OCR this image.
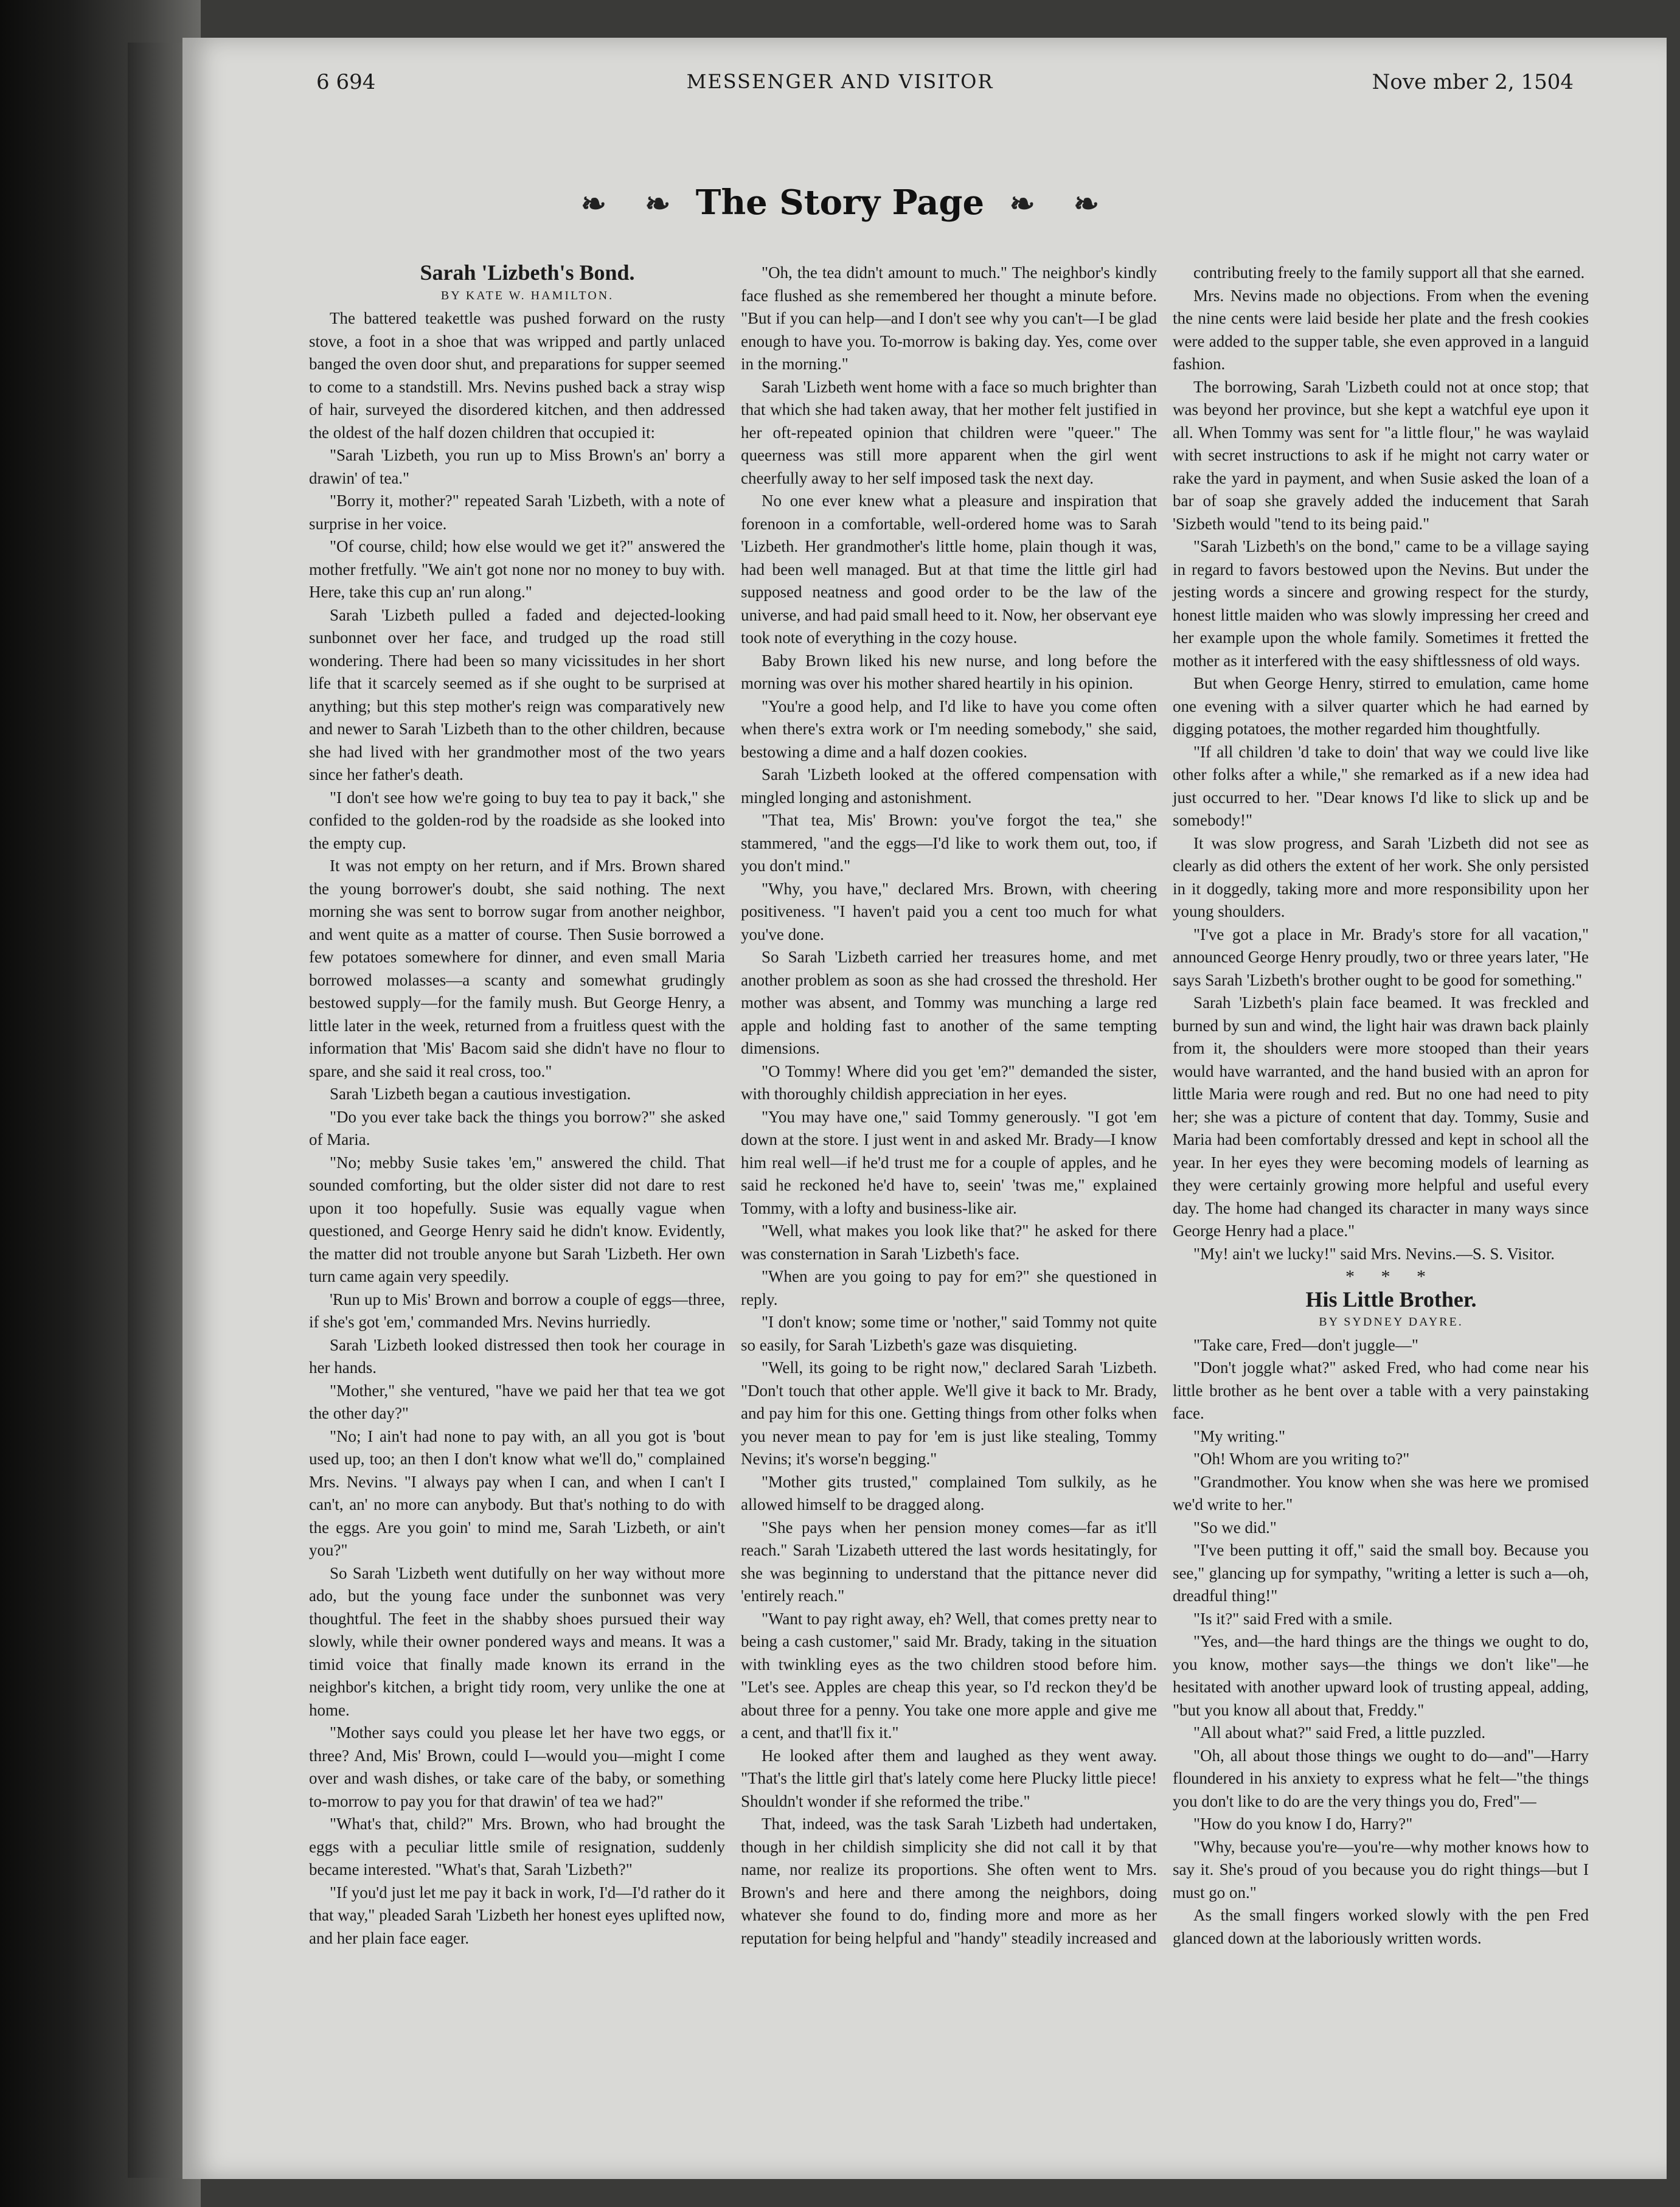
6 694	MESSENGER AND VISITOR	Nove mber 2, 1504
❧ ❧ The Story Page ❧ ❧

Sarah 'Lizbeth's Bond.

BY KATE W. HAMILTON.

The battered teakettle was pushed forward on the rusty stove, a foot in a shoe that was wripped and partly unlaced banged the oven door shut, and preparations for supper seemed to come to a standstill. Mrs. Nevins pushed back a stray wisp of hair, surveyed the disordered kitchen, and then addressed the oldest of the half dozen children that occupied it:

"Sarah 'Lizbeth, you run up to Miss Brown's an' borry a drawin' of tea."

"Borry it, mother?" repeated Sarah 'Lizbeth, with a note of surprise in her voice.

"Of course, child; how else would we get it?" answered the mother fretfully. "We ain't got none nor no money to buy with. Here, take this cup an' run along."

Sarah 'Lizbeth pulled a faded and dejected-looking sunbonnet over her face, and trudged up the road still wondering. There had been so many vicissitudes in her short life that it scarcely seemed as if she ought to be surprised at anything; but this step mother's reign was comparatively new and newer to Sarah 'Lizbeth than to the other children, because she had lived with her grandmother most of the two years since her father's death.

"I don't see how we're going to buy tea to pay it back," she confided to the golden-rod by the roadside as she looked into the empty cup.

It was not empty on her return, and if Mrs. Brown shared the young borrower's doubt, she said nothing. The next morning she was sent to borrow sugar from another neighbor, and went quite as a matter of course. Then Susie borrowed a few potatoes somewhere for dinner, and even small Maria borrowed molasses—a scanty and somewhat grudingly bestowed supply—for the family mush. But George Henry, a little later in the week, returned from a fruitless quest with the information that 'Mis' Bacom said she didn't have no flour to spare, and she said it real cross, too."

Sarah 'Lizbeth began a cautious investigation.

"Do you ever take back the things you borrow?" she asked of Maria.

"No; mebby Susie takes 'em," answered the child. That sounded comforting, but the older sister did not dare to rest upon it too hopefully. Susie was equally vague when questioned, and George Henry said he didn't know. Evidently, the matter did not trouble anyone but Sarah 'Lizbeth. Her own turn came again very speedily.

'Run up to Mis' Brown and borrow a couple of eggs—three, if she's got 'em,' commanded Mrs. Nevins hurriedly.

Sarah 'Lizbeth looked distressed then took her courage in her hands.

"Mother," she ventured, "have we paid her that tea we got the other day?"

"No; I ain't had none to pay with, an all you got is 'bout used up, too; an then I don't know what we'll do," complained Mrs. Nevins. "I always pay when I can, and when I can't I can't, an' no more can anybody. But that's nothing to do with the eggs. Are you goin' to mind me, Sarah 'Lizbeth, or ain't you?"

So Sarah 'Lizbeth went dutifully on her way without more ado, but the young face under the sunbonnet was very thoughtful. The feet in the shabby shoes pursued their way slowly, while their owner pondered ways and means. It was a timid voice that finally made known its errand in the neighbor's kitchen, a bright tidy room, very unlike the one at home.

"Mother says could you please let her have two eggs, or three? And, Mis' Brown, could I—would you—might I come over and wash dishes, or take care of the baby, or something to-morrow to pay you for that drawin' of tea we had?"

"What's that, child?" Mrs. Brown, who had brought the eggs with a peculiar little smile of resignation, suddenly became interested. "What's that, Sarah 'Lizbeth?"

"If you'd just let me pay it back in work, I'd—I'd rather do it that way," pleaded Sarah 'Lizbeth her honest eyes uplifted now, and her plain face eager.

"Oh, the tea didn't amount to much." The neighbor's kindly face flushed as she remembered her thought a minute before. "But if you can help—and I don't see why you can't—I be glad enough to have you. To-morrow is baking day. Yes, come over in the morning."

Sarah 'Lizbeth went home with a face so much brighter than that which she had taken away, that her mother felt justified in her oft-repeated opinion that children were "queer." The queerness was still more apparent when the girl went cheerfully away to her self imposed task the next day.

No one ever knew what a pleasure and inspiration that forenoon in a comfortable, well-ordered home was to Sarah 'Lizbeth. Her grandmother's little home, plain though it was, had been well managed. But at that time the little girl had supposed neatness and good order to be the law of the universe, and had paid small heed to it. Now, her observant eye took note of everything in the cozy house.

Baby Brown liked his new nurse, and long before the morning was over his mother shared heartily in his opinion.

"You're a good help, and I'd like to have you come often when there's extra work or I'm needing somebody," she said, bestowing a dime and a half dozen cookies.

Sarah 'Lizbeth looked at the offered compensation with mingled longing and astonishment.

"That tea, Mis' Brown: you've forgot the tea," she stammered, "and the eggs—I'd like to work them out, too, if you don't mind."

"Why, you have," declared Mrs. Brown, with cheering positiveness. "I haven't paid you a cent too much for what you've done.

So Sarah 'Lizbeth carried her treasures home, and met another problem as soon as she had crossed the threshold. Her mother was absent, and Tommy was munching a large red apple and holding fast to another of the same tempting dimensions.

"O Tommy! Where did you get 'em?" demanded the sister, with thoroughly childish appreciation in her eyes.

"You may have one," said Tommy generously. "I got 'em down at the store. I just went in and asked Mr. Brady—I know him real well—if he'd trust me for a couple of apples, and he said he reckoned he'd have to, seein' 'twas me," explained Tommy, with a lofty and business-like air.

"Well, what makes you look like that?" he asked for there was consternation in Sarah 'Lizbeth's face.

"When are you going to pay for em?" she questioned in reply.

"I don't know; some time or 'nother," said Tommy not quite so easily, for Sarah 'Lizbeth's gaze was disquieting.

"Well, its going to be right now," declared Sarah 'Lizbeth. "Don't touch that other apple. We'll give it back to Mr. Brady, and pay him for this one. Getting things from other folks when you never mean to pay for 'em is just like stealing, Tommy Nevins; it's worse'n begging."

"Mother gits trusted," complained Tom sulkily, as he allowed himself to be dragged along.

"She pays when her pension money comes—far as it'll reach." Sarah 'Lizabeth uttered the last words hesitatingly, for she was beginning to understand that the pittance never did 'entirely reach."

"Want to pay right away, eh? Well, that comes pretty near to being a cash customer," said Mr. Brady, taking in the situation with twinkling eyes as the two children stood before him. "Let's see. Apples are cheap this year, so I'd reckon they'd be about three for a penny. You take one more apple and give me a cent, and that'll fix it."

He looked after them and laughed as they went away. "That's the little girl that's lately come here Plucky little piece! Shouldn't wonder if she reformed the tribe."

That, indeed, was the task Sarah 'Lizbeth had undertaken, though in her childish simplicity she did not call it by that name, nor realize its proportions. She often went to Mrs. Brown's and here and there among the neighbors, doing whatever she found to do, finding more and more as her reputation for being helpful and "handy" steadily increased and

contributing freely to the family support all that she earned.

Mrs. Nevins made no objections. From when the evening the nine cents were laid beside her plate and the fresh cookies were added to the supper table, she even approved in a languid fashion.

The borrowing, Sarah 'Lizbeth could not at once stop; that was beyond her province, but she kept a watchful eye upon it all. When Tommy was sent for "a little flour," he was waylaid with secret instructions to ask if he might not carry water or rake the yard in payment, and when Susie asked the loan of a bar of soap she gravely added the inducement that Sarah 'Sizbeth would "tend to its being paid."

"Sarah 'Lizbeth's on the bond," came to be a village saying in regard to favors bestowed upon the Nevins. But under the jesting words a sincere and growing respect for the sturdy, honest little maiden who was slowly impressing her creed and her example upon the whole family. Sometimes it fretted the mother as it interfered with the easy shiftlessness of old ways.

But when George Henry, stirred to emulation, came home one evening with a silver quarter which he had earned by digging potatoes, the mother regarded him thoughtfully.

"If all children 'd take to doin' that way we could live like other folks after a while," she remarked as if a new idea had just occurred to her. "Dear knows I'd like to slick up and be somebody!"

It was slow progress, and Sarah 'Lizbeth did not see as clearly as did others the extent of her work. She only persisted in it doggedly, taking more and more responsibility upon her young shoulders.

"I've got a place in Mr. Brady's store for all vacation," announced George Henry proudly, two or three years later, "He says Sarah 'Lizbeth's brother ought to be good for something."

Sarah 'Lizbeth's plain face beamed. It was freckled and burned by sun and wind, the light hair was drawn back plainly from it, the shoulders were more stooped than their years would have warranted, and the hand busied with an apron for little Maria were rough and red. But no one had need to pity her; she was a picture of content that day. Tommy, Susie and Maria had been comfortably dressed and kept in school all the year. In her eyes they were becoming models of learning as they were certainly growing more helpful and useful every day. The home had changed its character in many ways since George Henry had a place."

"My! ain't we lucky!" said Mrs. Nevins.—S. S. Visitor.

* * *

His Little Brother.

BY SYDNEY DAYRE.

"Take care, Fred—don't juggle—"

"Don't joggle what?" asked Fred, who had come near his little brother as he bent over a table with a very painstaking face.

"My writing."

"Oh! Whom are you writing to?"

"Grandmother. You know when she was here we promised we'd write to her."

"So we did."

"I've been putting it off," said the small boy. Because you see," glancing up for sympathy, "writing a letter is such a—oh, dreadful thing!"

"Is it?" said Fred with a smile.

"Yes, and—the hard things are the things we ought to do, you know, mother says—the things we don't like"—he hesitated with another upward look of trusting appeal, adding, "but you know all about that, Freddy."

"All about what?" said Fred, a little puzzled.

"Oh, all about those things we ought to do—and"—Harry floundered in his anxiety to express what he felt—"the things you don't like to do are the very things you do, Fred"—

"How do you know I do, Harry?"

"Why, because you're—you're—why mother knows how to say it. She's proud of you because you do right things—but I must go on."

As the small fingers worked slowly with the pen Fred glanced down at the laboriously written words.
